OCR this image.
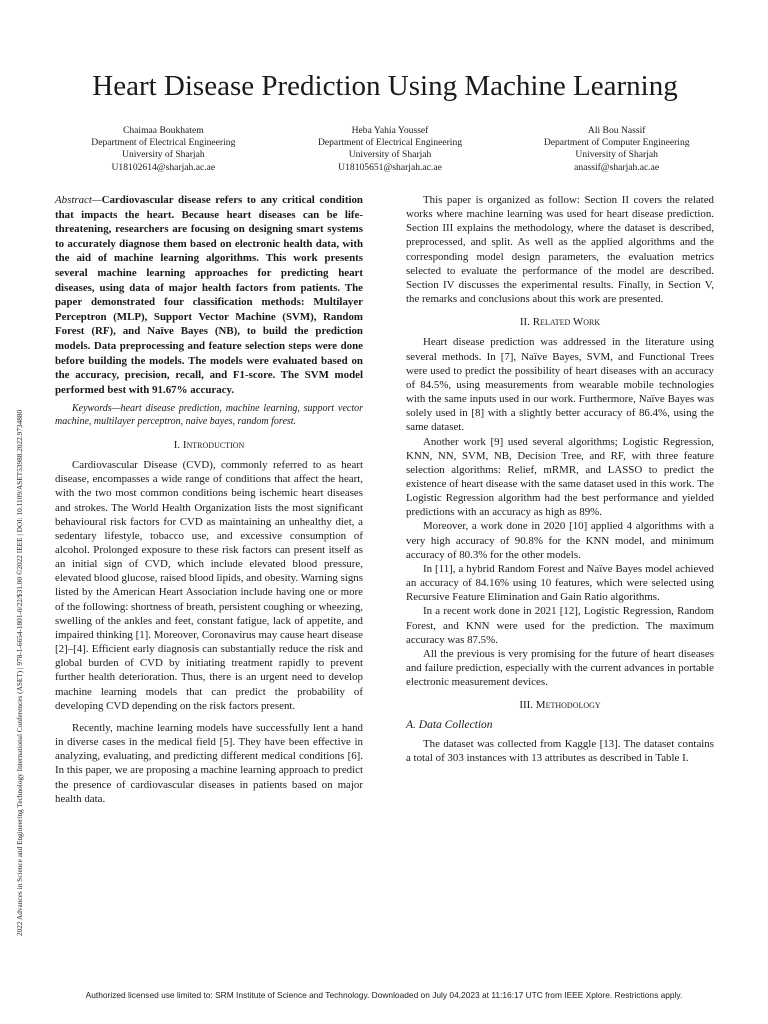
2022 Advances in Science and Engineering Technology International Conferences (ASET) | 978-1-6654-1801-0/22/$31.00 ©2022 IEEE | DOI: 10.1109/ASET53988.2022.9734880
Heart Disease Prediction Using Machine Learning
Chaimaa Boukhatem
Department of Electrical Engineering
University of Sharjah
U18102614@sharjah.ac.ae
Heba Yahia Youssef
Department of Electrical Engineering
University of Sharjah
U18105651@sharjah.ac.ae
Ali Bou Nassif
Department of Computer Engineering
University of Sharjah
anassif@sharjah.ac.ae

Abstract—Cardiovascular disease refers to any critical condition that impacts the heart. Because heart diseases can be life-threatening, researchers are focusing on designing smart systems to accurately diagnose them based on electronic health data, with the aid of machine learning algorithms. This work presents several machine learning approaches for predicting heart diseases, using data of major health factors from patients. The paper demonstrated four classification methods: Multilayer Perceptron (MLP), Support Vector Machine (SVM), Random Forest (RF), and Naïve Bayes (NB), to build the prediction models. Data preprocessing and feature selection steps were done before building the models. The models were evaluated based on the accuracy, precision, recall, and F1-score. The SVM model performed best with 91.67% accuracy.

Keywords—heart disease prediction, machine learning, support vector machine, multilayer perceptron, naive bayes, random forest.

I. Introduction

Cardiovascular Disease (CVD), commonly referred to as heart disease, encompasses a wide range of conditions that affect the heart, with the two most common conditions being ischemic heart diseases and strokes. The World Health Organization lists the most significant behavioural risk factors for CVD as maintaining an unhealthy diet, a sedentary lifestyle, tobacco use, and excessive consumption of alcohol. Prolonged exposure to these risk factors can present itself as an initial sign of CVD, which include elevated blood pressure, elevated blood glucose, raised blood lipids, and obesity. Warning signs listed by the American Heart Association include having one or more of the following: shortness of breath, persistent coughing or wheezing, swelling of the ankles and feet, constant fatigue, lack of appetite, and impaired thinking [1]. Moreover, Coronavirus may cause heart disease [2]–[4]. Efficient early diagnosis can substantially reduce the risk and global burden of CVD by initiating treatment rapidly to prevent further health deterioration. Thus, there is an urgent need to develop machine learning models that can predict the probability of developing CVD depending on the risk factors present.

Recently, machine learning models have successfully lent a hand in diverse cases in the medical field [5]. They have been effective in analyzing, evaluating, and predicting different medical conditions [6]. In this paper, we are proposing a machine learning approach to predict the presence of cardiovascular diseases in patients based on major health data.

This paper is organized as follow: Section II covers the related works where machine learning was used for heart disease prediction. Section III explains the methodology, where the dataset is described, preprocessed, and split. As well as the applied algorithms and the corresponding model design parameters, the evaluation metrics selected to evaluate the performance of the model are described. Section IV discusses the experimental results. Finally, in Section V, the remarks and conclusions about this work are presented.

II. Related Work

Heart disease prediction was addressed in the literature using several methods. In [7], Naïve Bayes, SVM, and Functional Trees were used to predict the possibility of heart diseases with an accuracy of 84.5%, using measurements from wearable mobile technologies with the same inputs used in our work. Furthermore, Naïve Bayes was solely used in [8] with a slightly better accuracy of 86.4%, using the same dataset.

Another work [9] used several algorithms; Logistic Regression, KNN, NN, SVM, NB, Decision Tree, and RF, with three feature selection algorithms: Relief, mRMR, and LASSO to predict the existence of heart disease with the same dataset used in this work. The Logistic Regression algorithm had the best performance and yielded predictions with an accuracy as high as 89%.

Moreover, a work done in 2020 [10] applied 4 algorithms with a very high accuracy of 90.8% for the KNN model, and minimum accuracy of 80.3% for the other models.

In [11], a hybrid Random Forest and Naïve Bayes model achieved an accuracy of 84.16% using 10 features, which were selected using Recursive Feature Elimination and Gain Ratio algorithms.

In a recent work done in 2021 [12], Logistic Regression, Random Forest, and KNN were used for the prediction. The maximum accuracy was 87.5%.

All the previous is very promising for the future of heart diseases and failure prediction, especially with the current advances in portable electronic measurement devices.

III. Methodology
A. Data Collection

The dataset was collected from Kaggle [13]. The dataset contains a total of 303 instances with 13 attributes as described in Table I.

Authorized licensed use limited to: SRM Institute of Science and Technology. Downloaded on July 04,2023 at 11:16:17 UTC from IEEE Xplore. Restrictions apply.
